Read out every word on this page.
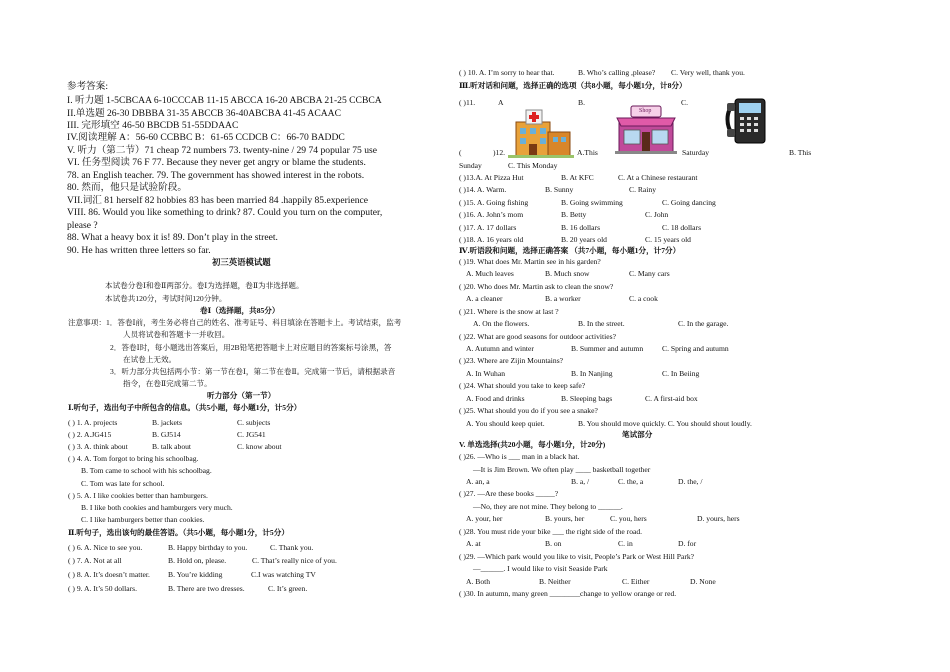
参考答案:
I. 听力题 1-5CBCAA 6-10CCCAB 11-15 ABCCA 16-20 ABCBA 21-25 CCBCA
II.单选题 26-30 DBBBA 31-35 ABCCB 36-40ABCBA 41-45 ACAAC
III. 完形填空 46-50 BBCDB 51-55DDAAC
IV.阅读理解 A：56-60 CCBBC B：61-65 CCDCB C：66-70 BADDC
V. 听力（第二节）71 cheap 72 numbers 73. twenty-nine / 29 74 popular 75 use
VI. 任务型阅读 76 F 77. Because they never get angry or blame the students.
78. an English teacher. 79. The government has showed interest in the robots.
80. 然而，他只是试验阶段。
VII.词汇 81 herself 82 hobbies 83 has been married 84 .happily 85.experience
VIII. 86. Would you like something to drink? 87. Could you turn on the computer,
please ?
88. What a heavy box it is! 89. Don’t play in the street.
90. He has written three letters so far.
初三英语模试题
本试卷分卷Ⅰ和卷Ⅱ两部分。卷Ⅰ为选择题，卷Ⅱ为非选择题。
本试卷共120分，考试时间120分钟。
卷Ⅰ（选择题，共85分）
注意事项：1．答卷Ⅰ前，考生务必将自己的姓名、准考证号、科目填涂在答题卡上。考试结束，监考
人员将试卷和答题卡一并收回。
2．答卷Ⅰ时，每小题选出答案后，用2B铅笔把答题卡上对应题目的答案标号涂黑，答
在试卷上无效。
3．听力部分共包括两小节：第一节在卷Ⅰ，第二节在卷Ⅱ。完成第一节后，请根据录音
指令，在卷Ⅱ完成第二节。
听力部分（第一节）
Ⅰ.听句子，选出句子中所包含的信息。（共5小题，每小题1分，计5分）
( ) 1. A. projects	B. jackets	C. subjects
( ) 2. A.JG415	B. GJ514	C. JG541
( ) 3. A. think about	B. talk about	C. know about
( ) 4. A. Tom forgot to bring his schoolbag.
B. Tom came to school with his schoolbag.
C. Tom was late for school.
( ) 5. A. I like cookies better than hamburgers.
B. I like both cookies and hamburgers very much.
C. I like hamburgers better than cookies.
Ⅱ.听句子，选出该句的最佳答语。（共5小题，每小题1分，计5分）
( ) 6. A. Nice to see you.	B. Happy birthday to you.	C. Thank you.
( ) 7. A. Not at all	B. Hold on, please.	C. That’s really nice of you.
( ) 8. A. It’s doesn’t matter. B. You’re kidding	C.I was watching TV
( ) 9. A. It’s 50 dollars.	B. There are two dresses.	C. It’s green.
( ) 10. A. I’m sorry to hear that.	B. Who’s calling ,please? C. Very well, thank you.
Ⅲ.听对话和问题，选择正确的选项（共8小题，每小题1分，计8分）
( )11.	A	B.	C.
Shop
(	)12.	A.This	Saturday	B. This
Sunday	C. This Monday
( )13.A. At Pizza Hut	B. At KFC	C. At a Chinese restaurant
( )14. A. Warm.	B. Sunny	C. Rainy
( )15. A. Going fishing	B. Going swimming	C. Going dancing
( )16. A. John’s mom	B. Betty	C. John
( )17. A. 17 dollars	B. 16 dollars	C. 18 dollars
( )18. A. 16 years old	B. 20 years old	C. 15 years old
Ⅳ.听语段和问题，选择正确答案 （共7小题，每小题1分，计7分）
( )19. What does Mr. Martin see in his garden?
A. Much leaves	B. Much snow	C. Many cars
( )20. Who does Mr. Martin ask to clean the snow?
A. a cleaner	B. a worker	C. a cook
( )21. Where is the snow at last ?
A. On the flowers.	B. In the street.	C. In the garage.
( )22. What are good seasons for outdoor activities?
A. Autumn and winter	B. Summer and autumn C. Spring and autumn
( )23. Where are Zijin Mountains?
A. In Wuhan	B. In Nanjing	C. In Beiing
( )24. What should you take to keep safe?
A. Food and drinks	B. Sleeping bags	C. A first-aid box
( )25. What should you do if you see a snake?
A. You should keep quiet.	B. You should move quickly. C. You should shout loudly.
笔试部分
V. 单选选择(共20小题，每小题1分，计20分)
( )26. —Who is ___ man in a black hat.
—It is Jim Brown. We often play ____ basketball together
A. an, a	B. a, /	C. the, a	D. the, /
( )27. —Are these books _____?
—No, they are not mine. They belong to ______.
A. your, her	B. yours, her	C. you, hers	D. yours, hers
( )28. You must ride your bike ___ the right side of the road.
A. at	B. on	C. in	D. for
( )29. —Which park would you like to visit, People’s Park or West Hill Park?
—______. I would like to visit Seaside Park
A. Both	B. Neither	C. Either	D. None
( )30. In autumn, many green ________change to yellow orange or red.
